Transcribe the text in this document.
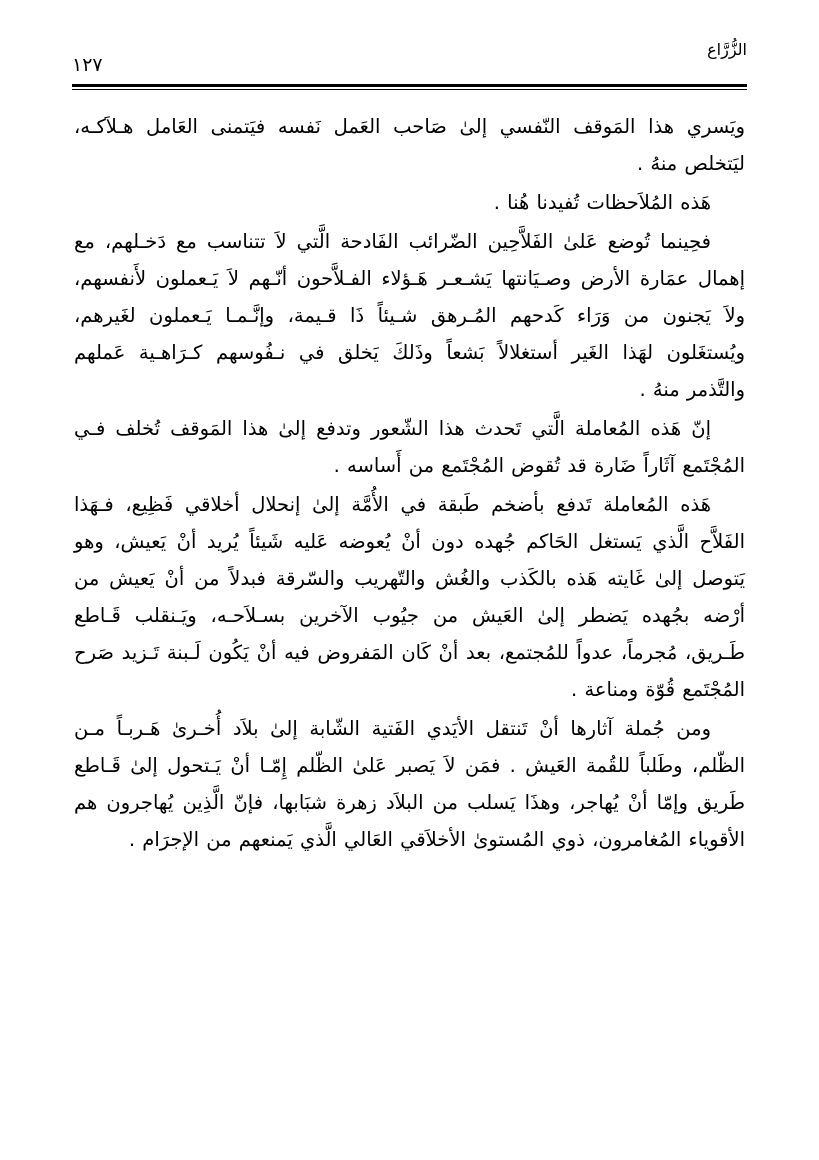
الزُّرَّاع
١٢٧

ويَسري هذا المَوقف النّفسي إلىٰ صَاحب العَمل نَفسه فيَتمنى العَامل هـلاَكـه، ليَتخلص منهُ .

هَذه المُلاَحظات تُفيدنا هُنا .

فحِينما تُوضع عَلىٰ الفَلاَّحِين الضّرائب الفَادحة الَّتي لاَ تتناسب مع دَخـلهم، مع إهمال عمَارة الأرض وصـيَانتها يَشـعـر هَـؤلاء الفـلاَّحون أنّـهم لاَ يَـعملون لأَنفسهم، ولاَ يَجنون من وَرَاء كَدحهم المُـرهق شـيئاً ذَا قـيمة، وإنَّـمـا يَـعملون لغَيرهم، ويُستغَلون لهَذا الغَير أستغلالاً بَشعاً وذَلكَ يَخلق في نـفُوسهم كـرَاهـية عَملهم والتَّذمر منهُ .

إنّ هَذه المُعاملة الَّتي تَحدث هذا الشّعور وتدفع إلىٰ هذا المَوقف تُخلف فـي المُجْتَمع آثَاراً ضَارة قد تُقوض المُجْتَمع من أَساسه .

هَذه المُعاملة تَدفع بأضخم طَبقة في الأُمَّة إلىٰ إنحلال أخلاقي فَظِيع، فـهَذا الفَلاَّح الَّذي يَستغل الحَاكم جُهده دون أنْ يُعوضه عَليه شَيئاً يُريد أنْ يَعيش، وهو يَتوصل إلىٰ غَايته هَذه بالكَذب والغُش والتّهريب والسّرقة فبدلاً من أنْ يَعيش من أرْضه بجُهده يَضطر إلىٰ العَيش من جيُوب الآخرين بسـلاَحـه، ويَـنقلب قَـاطع طَـريق، مُجرماً، عدواً للمُجتمع، بعد أنْ كَان المَفروض فيه أنْ يَكُون لَـبنة تَـزيد صَرح المُجْتَمع قُوّة ومناعة .

ومن جُملة آثارها أنْ تَنتقل الأيَدي الفَتية الشّابة إلىٰ بلاَد أُخـرىٰ هَـربـاً مـن الظّلم، وطَلباً للقُمة العَيش . فمَن لاَ يَصبر عَلىٰ الظّلم إِمّـا أنْ يَـتحول إلىٰ قَـاطع طَريق وإمّا أنْ يُهاجر، وهذَا يَسلب من البلاَد زهرة شبَابها، فإنّ الَّذِين يُهاجرون هم الأقوياء المُغامرون، ذوي المُستوىٰ الأخلاَقي العَالي الَّذي يَمنعهم من الإجرَام .
